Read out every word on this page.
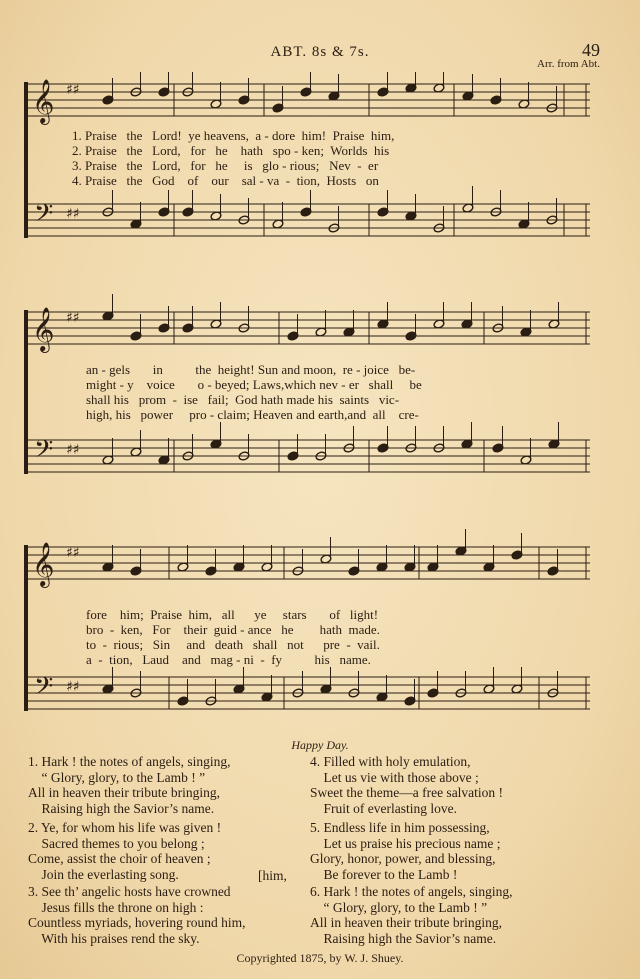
ABT. 8s & 7s.	49
Arr. from Abt.
𝄞
𝄢
♯♯
♯♯
1. Praise   the   Lord!  ye heavens,  a - dore  him!  Praise  him,
2. Praise   the   Lord,   for   he    hath   spo - ken;  Worlds  his
3. Praise   the   Lord,   for   he     is   glo - rious;   Nev  -  er
4. Praise   the   God    of    our    sal - va  -  tion,  Hosts   on
𝄞
𝄢
♯♯
♯♯
an - gels       in          the  height! Sun and moon,  re - joice   be-
might - y    voice       o - beyed; Laws,which nev - er   shall     be
shall his   prom  -  ise   fail;  God hath made his  saints   vic-
high, his   power     pro - claim; Heaven and earth,and  all    cre-
𝄞
𝄢
♯♯
♯♯
fore    him;  Praise  him,   all      ye     stars       of   light!
bro  -  ken,   For    their  guid - ance   he        hath  made.
to  -  rious;   Sin     and   death   shall   not      pre  -  vail.
a  -  tion,   Laud    and   mag - ni  -  fy          his   name.
Happy Day.
1. Hark ! the notes of angels, singing,
“ Glory, glory, to the Lamb ! ”
All in heaven their tribute bringing,
Raising high the Savior’s name.
2. Ye, for whom his life was given !
Sacred themes to you belong ;
Come, assist the choir of heaven ;
Join the everlasting song.	[him,
3. See th’ angelic hosts have crowned
Jesus fills the throne on high :
Countless myriads, hovering round him,
With his praises rend the sky.
4. Filled with holy emulation,
Let us vie with those above ;
Sweet the theme—a free salvation !
Fruit of everlasting love.
5. Endless life in him possessing,
Let us praise his precious name ;
Glory, honor, power, and blessing,
Be forever to the Lamb !
6. Hark ! the notes of angels, singing,
“ Glory, glory, to the Lamb ! ”
All in heaven their tribute bringing,
Raising high the Savior’s name.
Copyrighted 1875, by W. J. Shuey.
